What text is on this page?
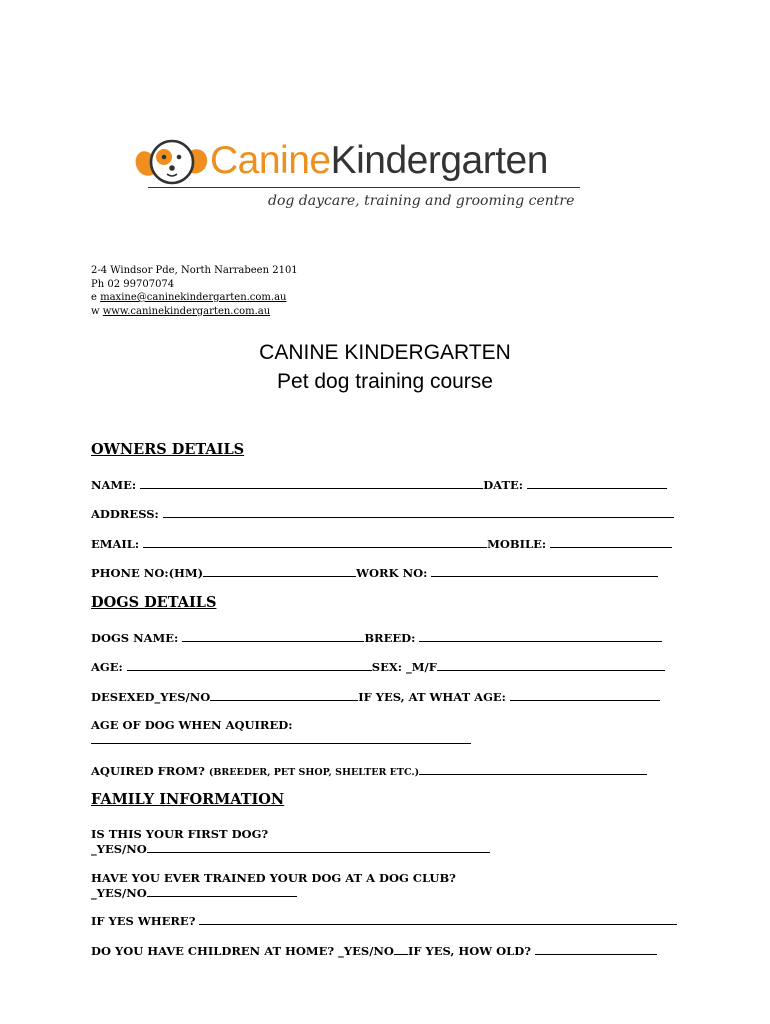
CanineKindergarten
dog daycare, training and grooming centre
2-4 Windsor Pde, North Narrabeen 2101
Ph 02 99707074
e maxine@caninekindergarten.com.au
w www.caninekindergarten.com.au
CANINE KINDERGARTEN
Pet dog training course
OWNERS DETAILS
NAME:	DATE:
ADDRESS:
EMAIL:	MOBILE:
PHONE NO:(HM)	WORK NO:
DOGS DETAILS
DOGS NAME:	BREED:
AGE:	SEX: _M/F
DESEXED_YES/NO	IF YES, AT WHAT AGE:
AGE OF DOG WHEN AQUIRED:
AQUIRED FROM? (BREEDER, PET SHOP, SHELTER ETC.)
FAMILY INFORMATION
IS THIS YOUR FIRST DOG?
_YES/NO
HAVE YOU EVER TRAINED YOUR DOG AT A DOG CLUB?
_YES/NO
IF YES WHERE?
DO YOU HAVE CHILDREN AT HOME? _YES/NO IF YES, HOW OLD?
